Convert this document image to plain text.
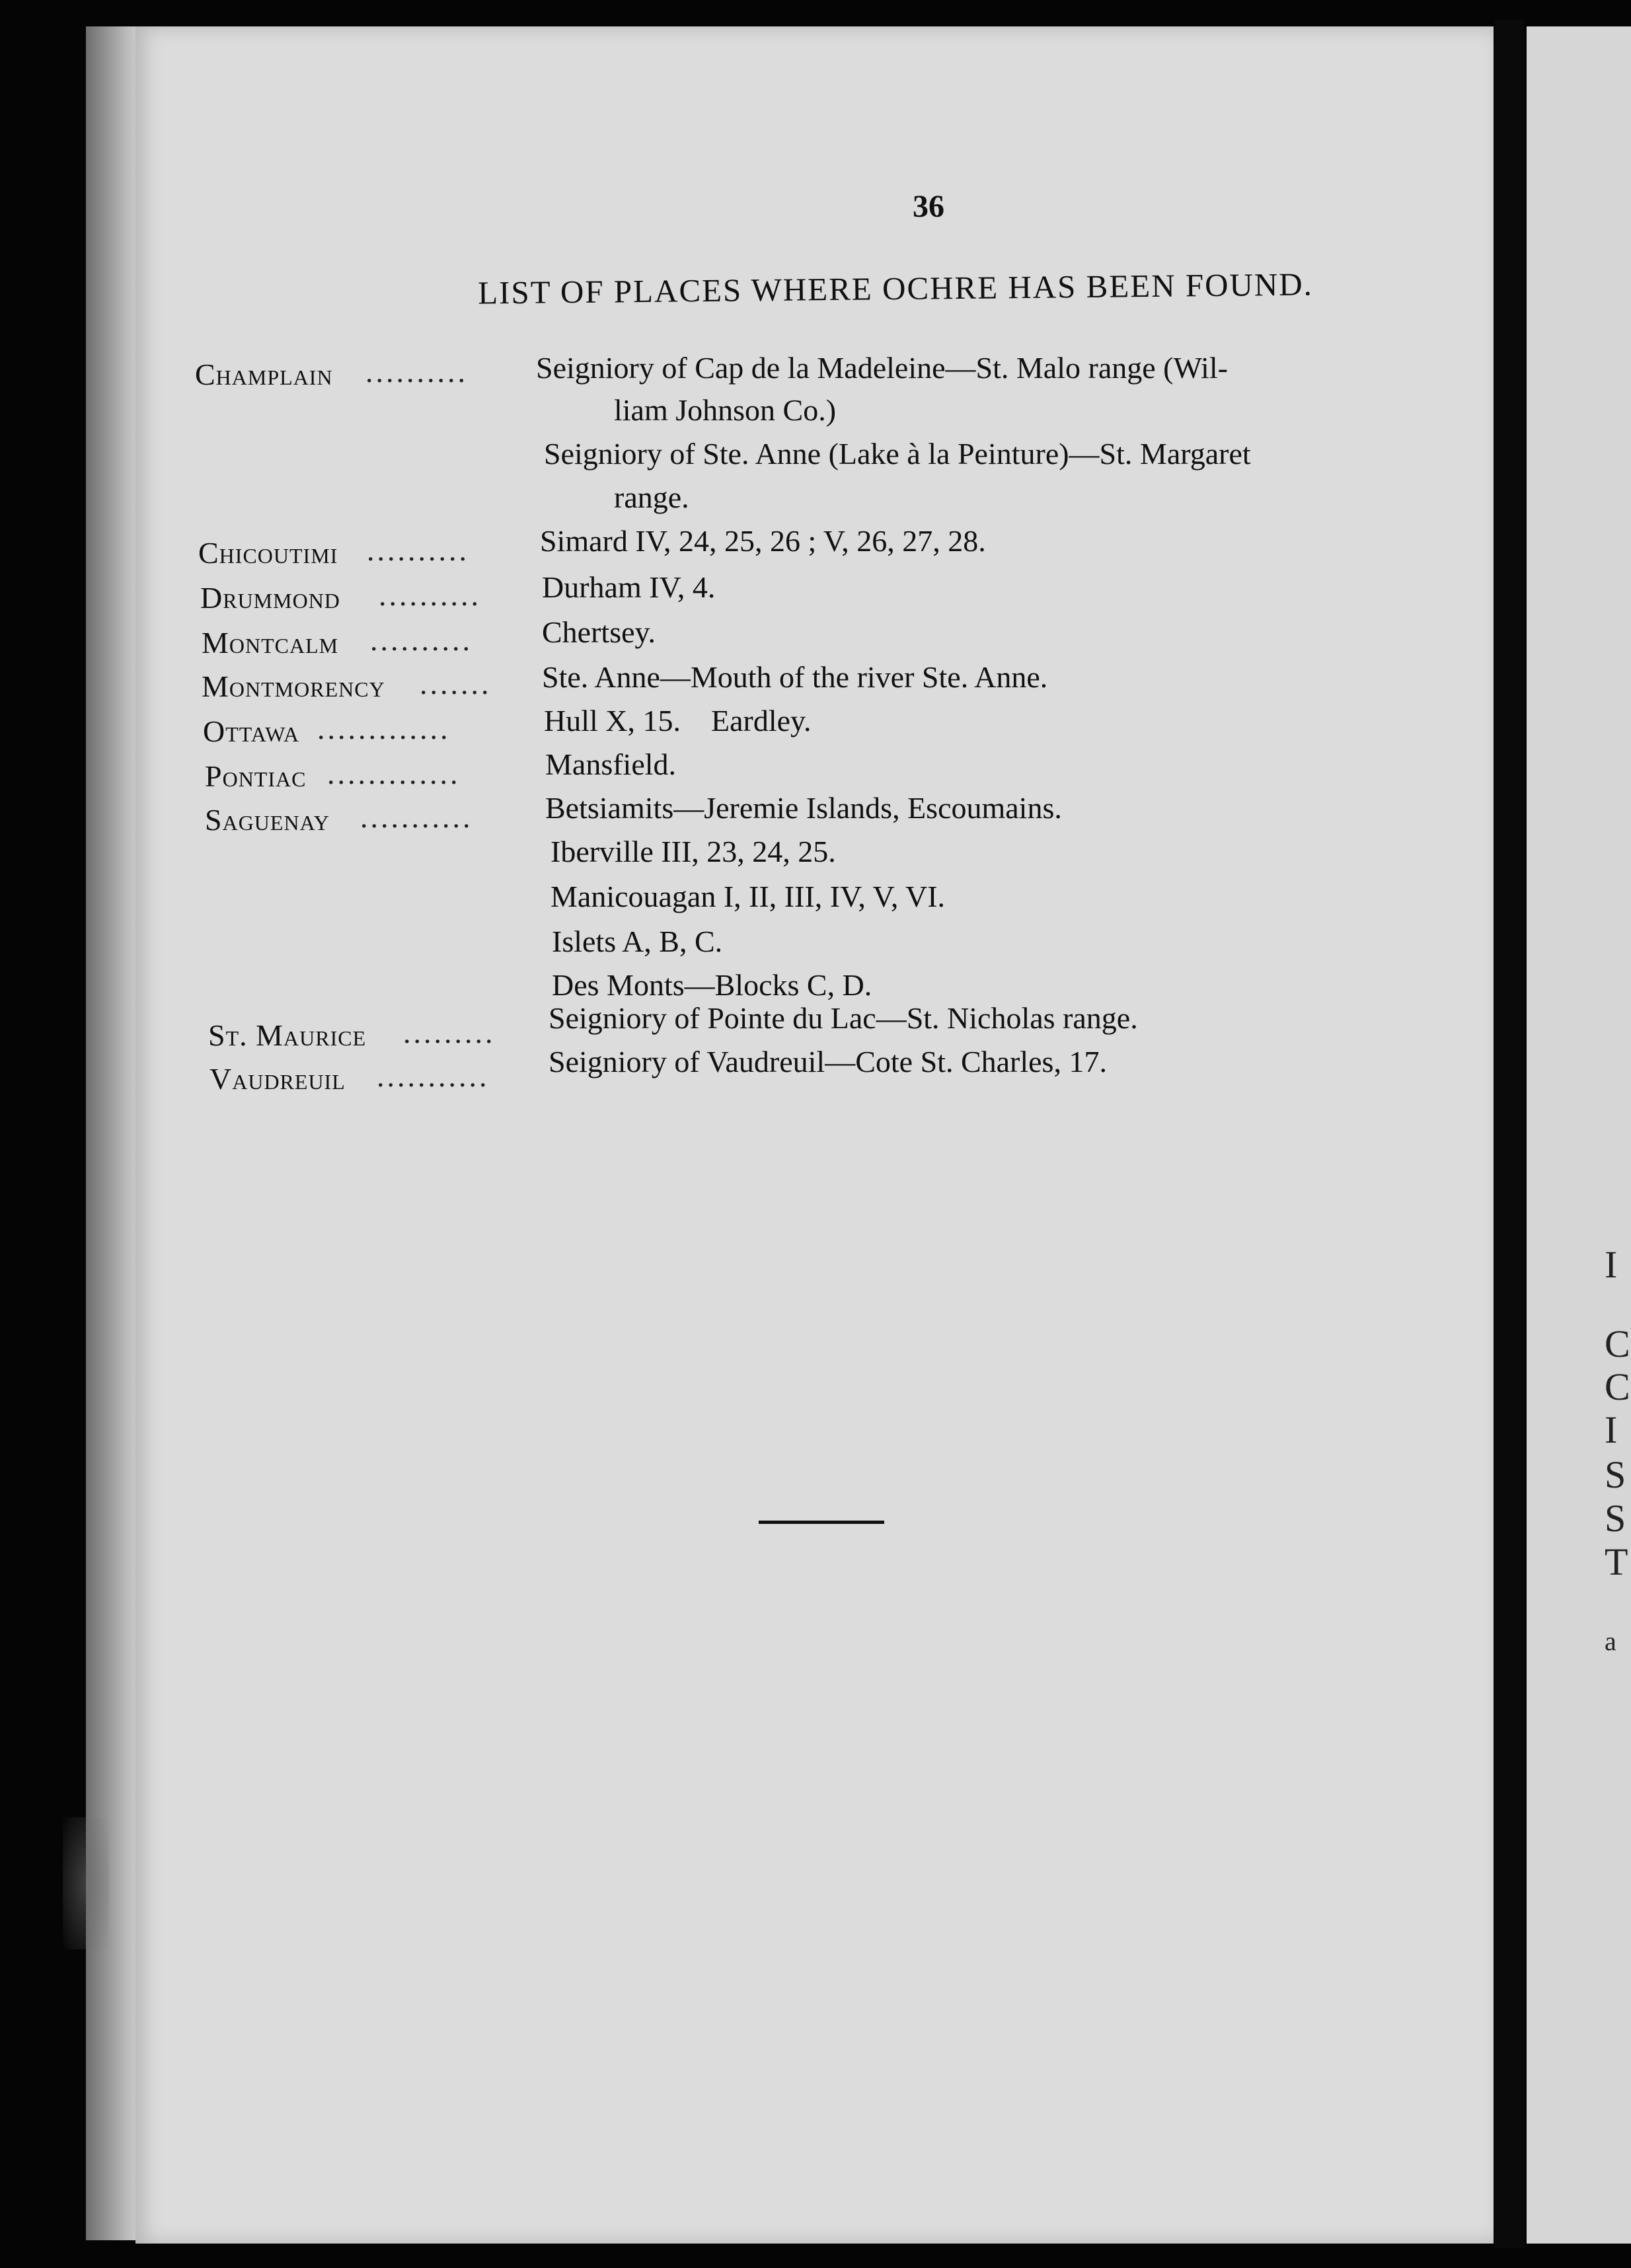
36
LIST OF PLACES WHERE OCHRE HAS BEEN FOUND.
Champlain .......... Seigniory of Cap de la Madeleine—St. Malo range (Wil-
liam Johnson Co.)
Seigniory of Ste. Anne (Lake à la Peinture)—St. Margaret
range.
Chicoutimi .......... Simard IV, 24, 25, 26 ; V, 26, 27, 28.
Drummond .......... Durham IV, 4.
Montcalm .......... Chertsey.
Montmorency ....... Ste. Anne—Mouth of the river Ste. Anne.
Ottawa .............	Hull X, 15.    Eardley.
Pontiac .............	Mansfield.
Saguenay ........... Betsiamits—Jeremie Islands, Escoumains.
Iberville III, 23, 24, 25.
Manicouagan I, II, III, IV, V, VI.
Islets A, B, C.
Des Monts—Blocks C, D.
St. Maurice ......... Seigniory of Pointe du Lac—St. Nicholas range.
Vaudreuil ........... Seigniory of Vaudreuil—Cote St. Charles, 17.
I
C
C
I
S
S
T
a
